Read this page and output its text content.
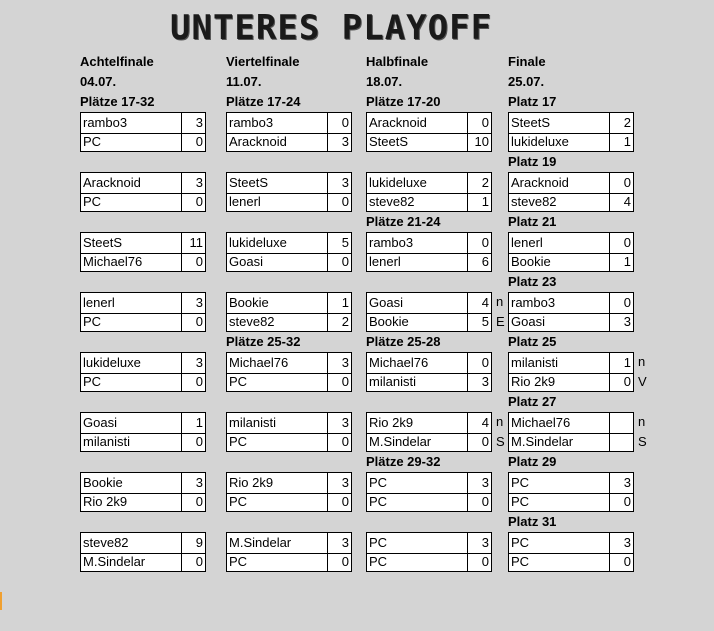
UNTERES PLAYOFF
Achtelfinale
04.07.
Plätze 17-32
rambo3	3
PC	0
Aracknoid	3
PC	0
SteetS	11
Michael76	0
lenerl	3
PC	0
lukideluxe	3
PC	0
Goasi	1
milanisti	0
Bookie	3
Rio 2k9	0
steve82	9
M.Sindelar	0
Viertelfinale
11.07.
Plätze 17-24
rambo3	0
Aracknoid	3
SteetS	3
lenerl	0
lukideluxe	5
Goasi	0
Bookie	1
steve82	2
Plätze 25-32
Michael76	3
PC	0
milanisti	3
PC	0
Rio 2k9	3
PC	0
M.Sindelar	3
PC	0
Halbfinale
18.07.
Plätze 17-20
Aracknoid	0
SteetS	10
lukideluxe	2
steve82	1
Plätze 21-24
rambo3	0
lenerl	6
n
E
Goasi	4
Bookie	5
Plätze 25-28
Michael76	0
milanisti	3
n
S
Rio 2k9	4
M.Sindelar	0
Plätze 29-32
PC	3
PC	0
PC	3
PC	0
Finale
25.07.
Platz 17
SteetS	2
lukideluxe	1
Platz 19
Aracknoid	0
steve82	4
Platz 21
lenerl	0
Bookie	1
Platz 23
rambo3	0
Goasi	3
Platz 25
n
V
milanisti	1
Rio 2k9	0
Platz 27
n
S
Michael76
M.Sindelar
Platz 29
PC	3
PC	0
Platz 31
PC	3
PC	0
